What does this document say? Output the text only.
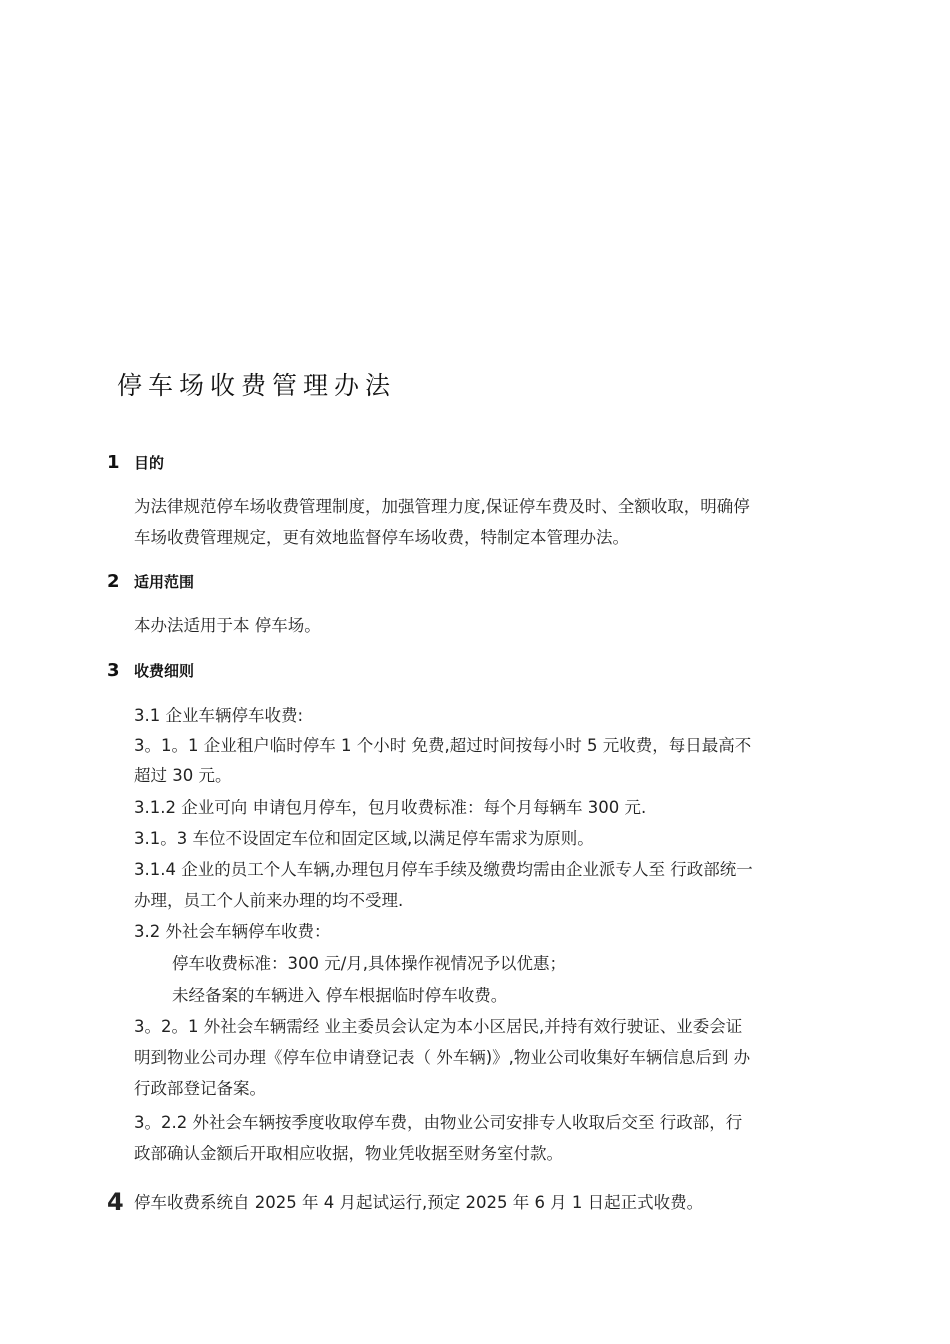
停车场收费管理办法
1 目的
为法律规范停车场收费管理制度，加强管理力度,保证停车费及时、全额收取，明确停
车场收费管理规定，更有效地监督停车场收费，特制定本管理办法。
2 适用范围
本办法适用于本 停车场。
3 收费细则
3.1 企业车辆停车收费:
3。1。1 企业租户临时停车 1 个小时 免费,超过时间按每小时 5 元收费，每日最高不
超过 30 元。
3.1.2 企业可向 申请包月停车，包月收费标准：每个月每辆车 300 元.
3.1。3 车位不设固定车位和固定区域,以满足停车需求为原则。
3.1.4 企业的员工个人车辆,办理包月停车手续及缴费均需由企业派专人至 行政部统一
办理，员工个人前来办理的均不受理.
3.2 外社会车辆停车收费：
停车收费标准：300 元/月,具体操作视情况予以优惠；
未经备案的车辆进入 停车根据临时停车收费。
3。2。1 外社会车辆需经 业主委员会认定为本小区居民,并持有效行驶证、业委会证
明到物业公司办理《停车位申请登记表（ 外车辆)》,物业公司收集好车辆信息后到 办
行政部登记备案。
3。2.2 外社会车辆按季度收取停车费，由物业公司安排专人收取后交至 行政部，行
政部确认金额后开取相应收据，物业凭收据至财务室付款。
4 停车收费系统自 2025 年 4 月起试运行,预定 2025 年 6 月 1 日起正式收费。
